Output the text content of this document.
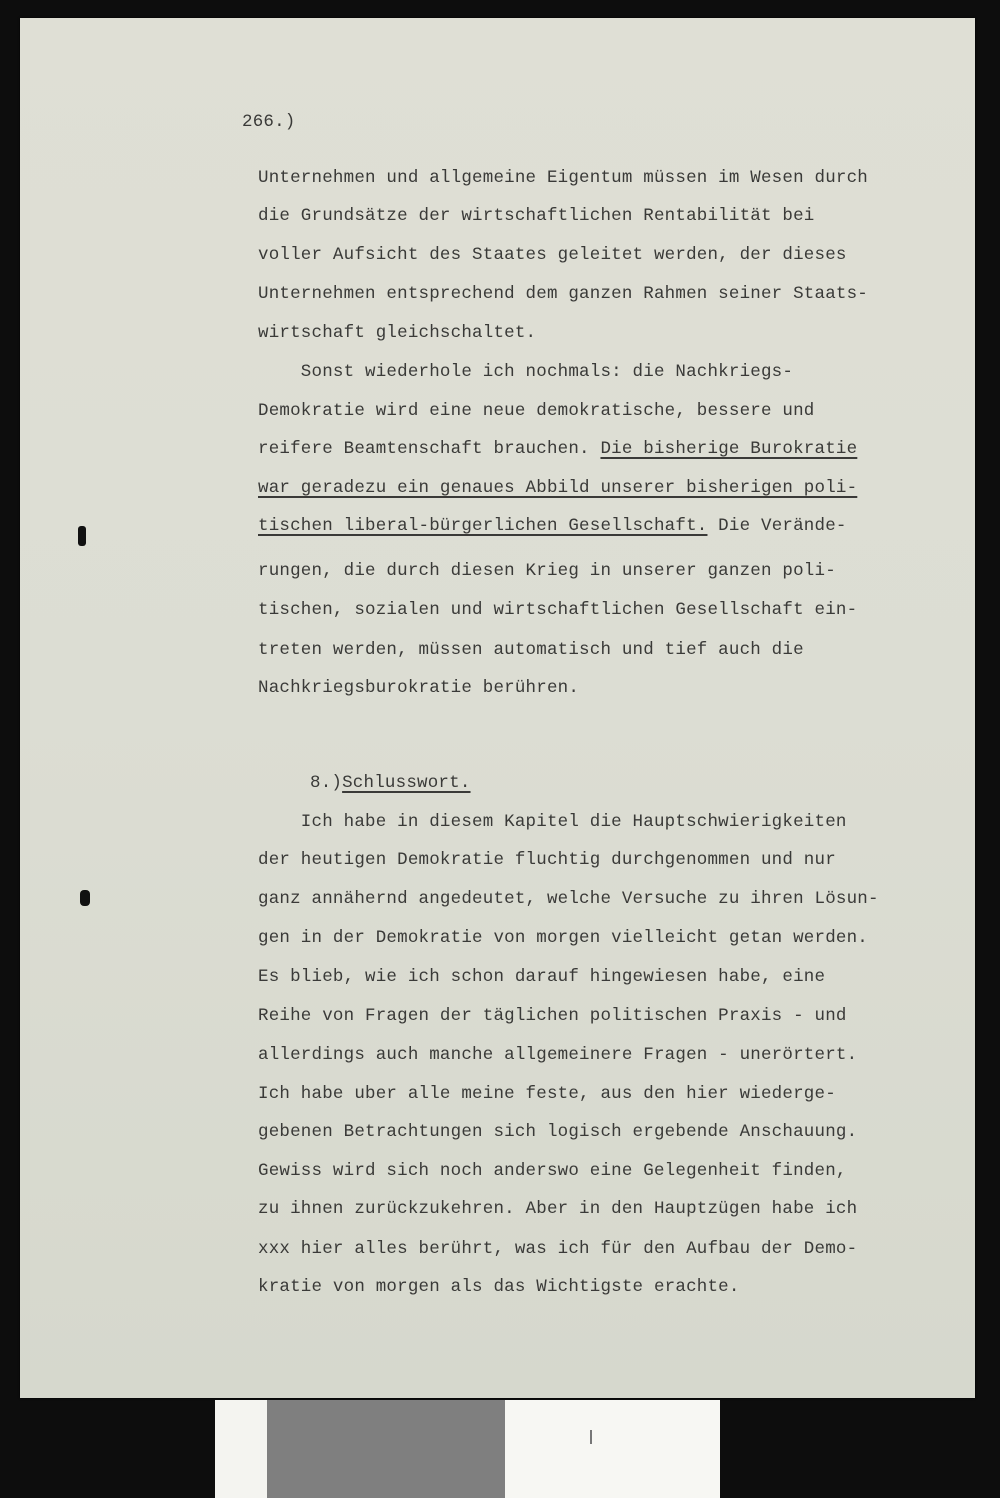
266.)
Unternehmen und allgemeine Eigentum müssen im Wesen durch
die Grundsätze der wirtschaftlichen Rentabilität bei
voller Aufsicht des Staates geleitet werden, der dieses
Unternehmen entsprechend dem ganzen Rahmen seiner Staats-
wirtschaft gleichschaltet.
Sonst wiederhole ich nochmals: die Nachkriegs-
Demokratie wird eine neue demokratische, bessere und
reifere Beamtenschaft brauchen. Die bisherige Burokratie
war geradezu ein genaues Abbild unserer bisherigen poli-
tischen liberal-bürgerlichen Gesellschaft. Die Verände-
rungen, die durch diesen Krieg in unserer ganzen poli-
tischen, sozialen und wirtschaftlichen Gesellschaft ein-
treten werden, müssen automatisch und tief auch die
Nachkriegsburokratie berühren.
8.)Schlusswort.
Ich habe in diesem Kapitel die Hauptschwierigkeiten
der heutigen Demokratie fluchtig durchgenommen und nur
ganz annähernd angedeutet, welche Versuche zu ihren Lösun-
gen in der Demokratie von morgen vielleicht getan werden.
Es blieb, wie ich schon darauf hingewiesen habe, eine
Reihe von Fragen der täglichen politischen Praxis - und
allerdings auch manche allgemeinere Fragen - unerörtert.
Ich habe uber alle meine feste, aus den hier wiederge-
gebenen Betrachtungen sich logisch ergebende Anschauung.
Gewiss wird sich noch anderswo eine Gelegenheit finden,
zu ihnen zurückzukehren. Aber in den Hauptzügen habe ich
xxx hier alles berührt, was ich für den Aufbau der Demo-
kratie von morgen als das Wichtigste erachte.
